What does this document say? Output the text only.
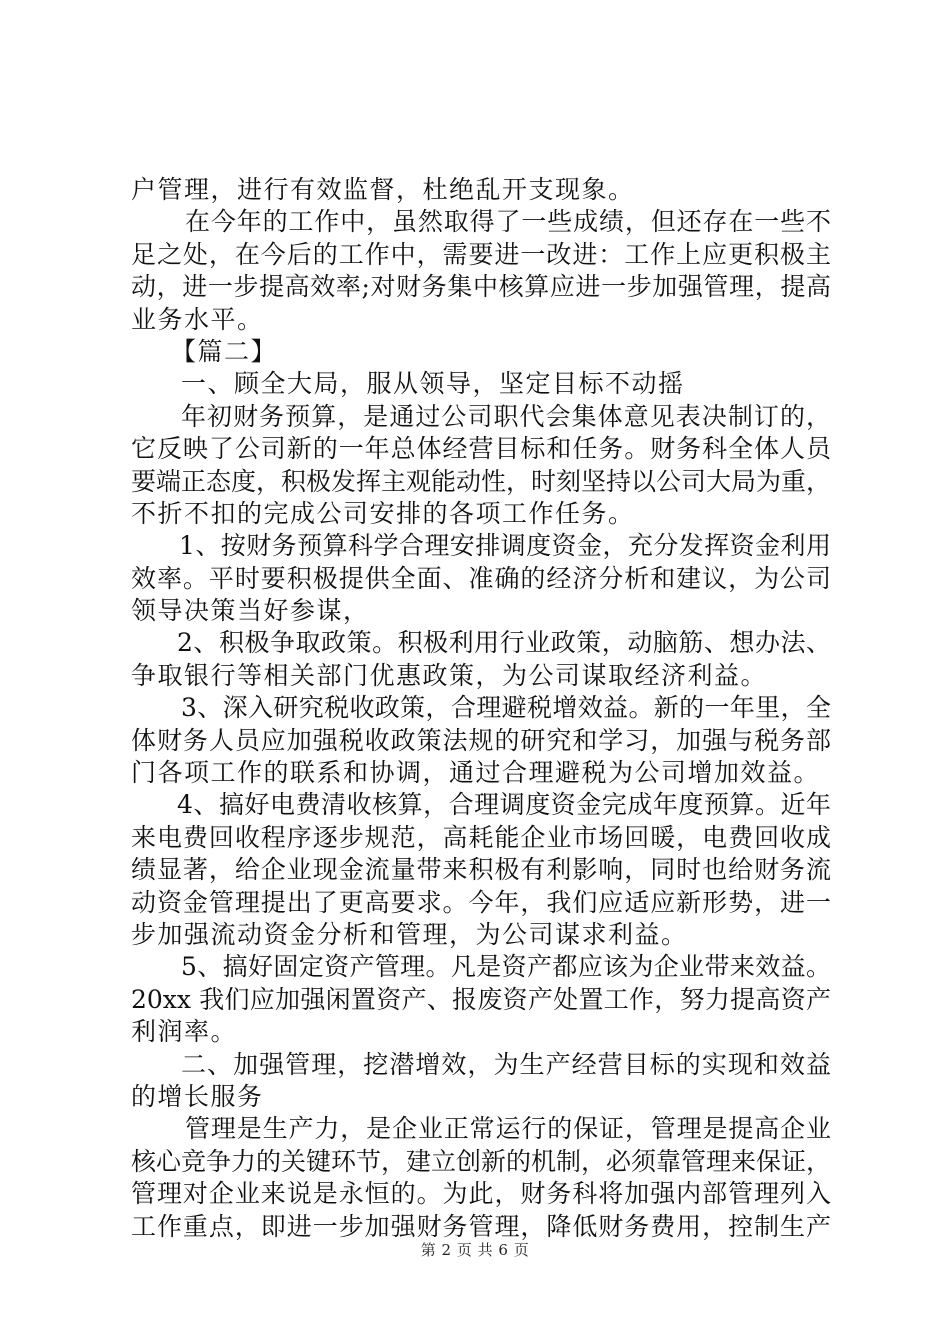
户管理，进行有效监督，杜绝乱开支现象。
在今年的工作中，虽然取得了一些成绩，但还存在一些不
足之处，在今后的工作中，需要进一改进：工作上应更积极主
动，进一步提高效率;对财务集中核算应进一步加强管理，提高
业务水平。
【篇二】
一、顾全大局，服从领导，坚定目标不动摇
年初财务预算，是通过公司职代会集体意见表决制订的，
它反映了公司新的一年总体经营目标和任务。财务科全体人员
要端正态度，积极发挥主观能动性，时刻坚持以公司大局为重，
不折不扣的完成公司安排的各项工作任务。
1、按财务预算科学合理安排调度资金，充分发挥资金利用
效率。平时要积极提供全面、准确的经济分析和建议，为公司
领导决策当好参谋，
2、积极争取政策。积极利用行业政策，动脑筋、想办法、
争取银行等相关部门优惠政策，为公司谋取经济利益。
3、深入研究税收政策，合理避税增效益。新的一年里，全
体财务人员应加强税收政策法规的研究和学习，加强与税务部
门各项工作的联系和协调，通过合理避税为公司增加效益。
4、搞好电费清收核算，合理调度资金完成年度预算。近年
来电费回收程序逐步规范，高耗能企业市场回暖，电费回收成
绩显著，给企业现金流量带来积极有利影响，同时也给财务流
动资金管理提出了更高要求。今年，我们应适应新形势，进一
步加强流动资金分析和管理，为公司谋求利益。
5、搞好固定资产管理。凡是资产都应该为企业带来效益。
20xx 我们应加强闲置资产、报废资产处置工作，努力提高资产
利润率。
二、加强管理，挖潜增效，为生产经营目标的实现和效益
的增长服务
管理是生产力，是企业正常运行的保证，管理是提高企业
核心竞争力的关键环节，建立创新的机制，必须靠管理来保证，
管理对企业来说是永恒的。为此，财务科将加强内部管理列入
工作重点，即进一步加强财务管理，降低财务费用，控制生产
第 2 页 共 6 页
